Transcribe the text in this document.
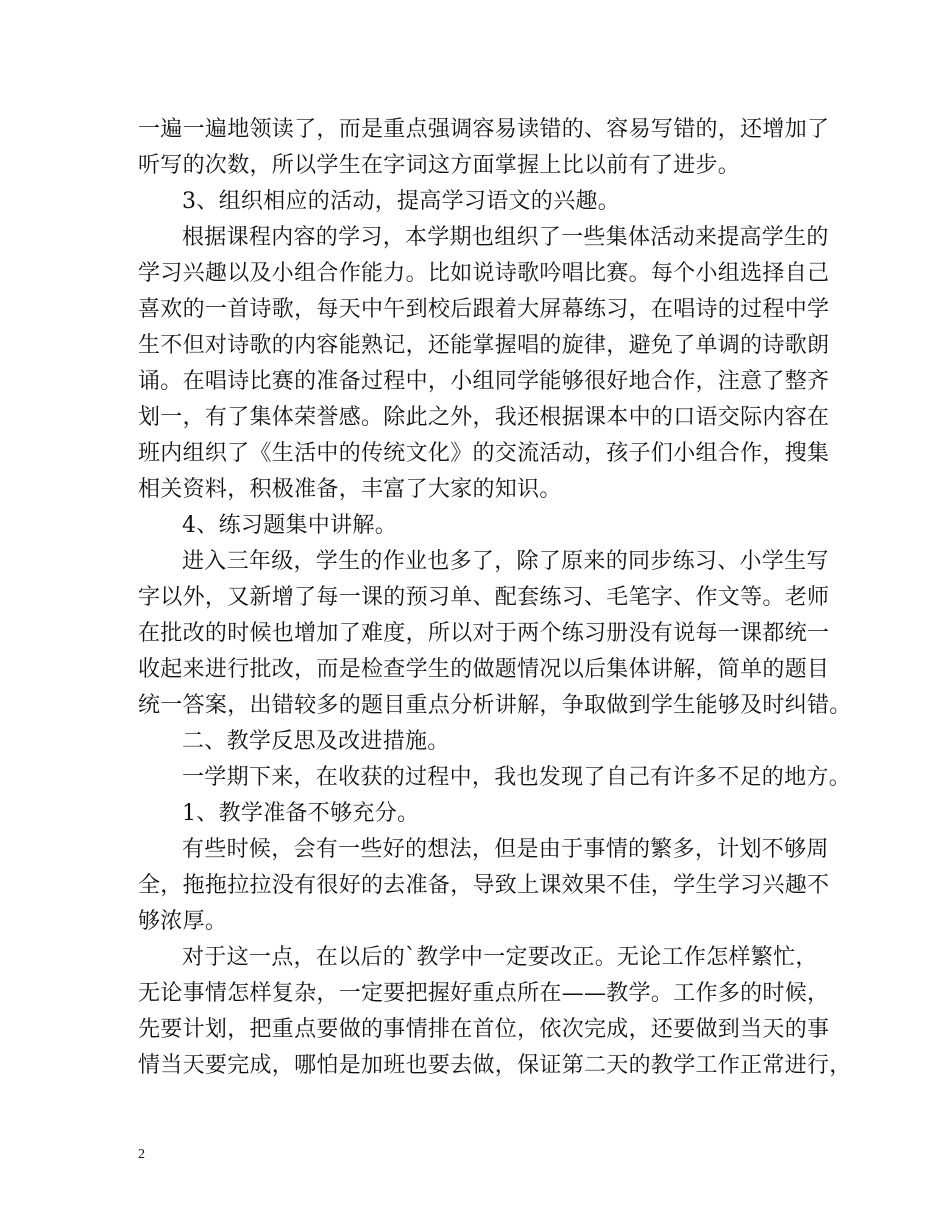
一遍一遍地领读了，而是重点强调容易读错的、容易写错的，还增加了
听写的次数，所以学生在字词这方面掌握上比以前有了进步。
3、组织相应的活动，提高学习语文的兴趣。
根据课程内容的学习，本学期也组织了一些集体活动来提高学生的
学习兴趣以及小组合作能力。比如说诗歌吟唱比赛。每个小组选择自己
喜欢的一首诗歌，每天中午到校后跟着大屏幕练习，在唱诗的过程中学
生不但对诗歌的内容能熟记，还能掌握唱的旋律，避免了单调的诗歌朗
诵。在唱诗比赛的准备过程中，小组同学能够很好地合作，注意了整齐
划一，有了集体荣誉感。除此之外，我还根据课本中的口语交际内容在
班内组织了《生活中的传统文化》的交流活动，孩子们小组合作，搜集
相关资料，积极准备，丰富了大家的知识。
4、练习题集中讲解。
进入三年级，学生的作业也多了，除了原来的同步练习、小学生写
字以外，又新增了每一课的预习单、配套练习、毛笔字、作文等。老师
在批改的时候也增加了难度，所以对于两个练习册没有说每一课都统一
收起来进行批改，而是检查学生的做题情况以后集体讲解，简单的题目
统一答案，出错较多的题目重点分析讲解，争取做到学生能够及时纠错。
二、教学反思及改进措施。
一学期下来，在收获的过程中，我也发现了自己有许多不足的地方。
1、教学准备不够充分。
有些时候，会有一些好的想法，但是由于事情的繁多，计划不够周
全，拖拖拉拉没有很好的去准备，导致上课效果不佳，学生学习兴趣不
够浓厚。
对于这一点，在以后的`教学中一定要改正。无论工作怎样繁忙，
无论事情怎样复杂，一定要把握好重点所在——教学。工作多的时候，
先要计划，把重点要做的事情排在首位，依次完成，还要做到当天的事
情当天要完成，哪怕是加班也要去做，保证第二天的教学工作正常进行，
2
